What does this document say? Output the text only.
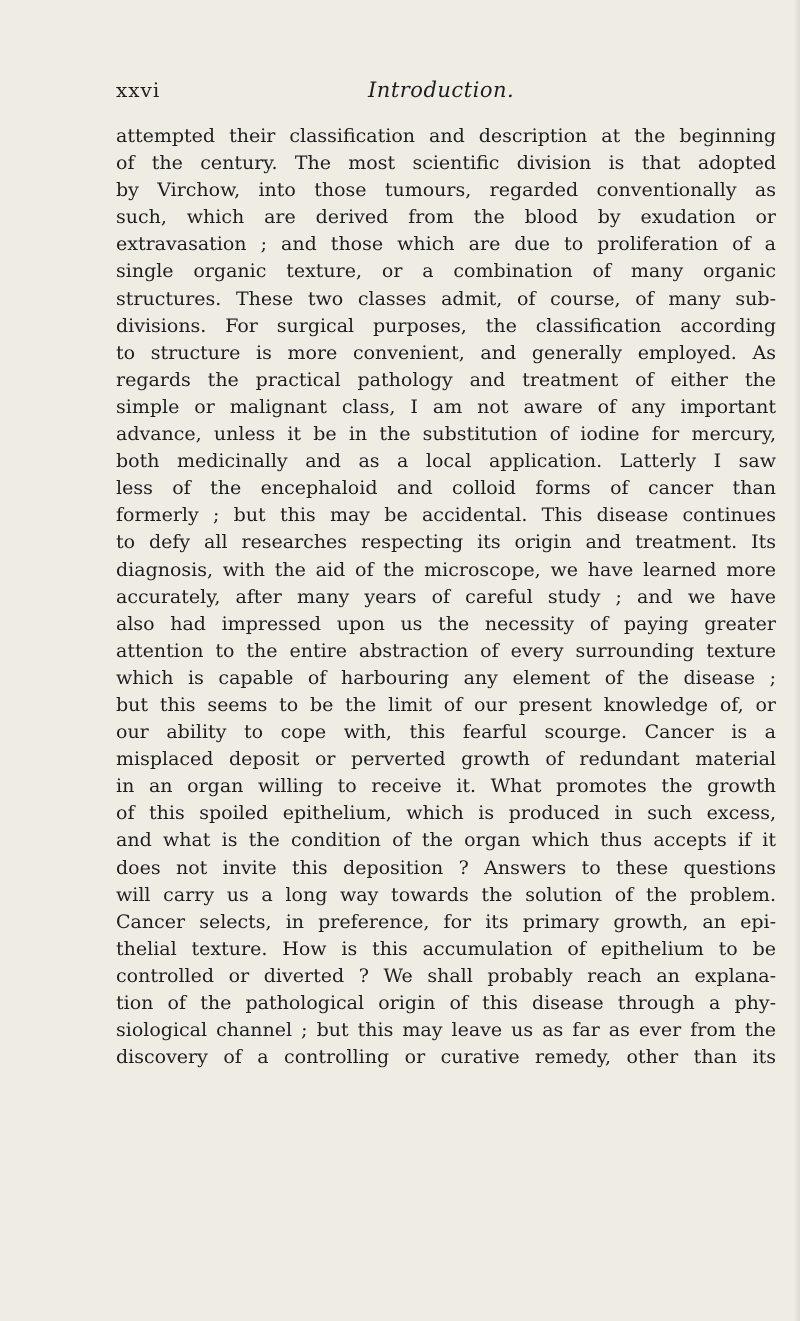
xxvi	Introduction.
attempted their classification and description at the beginning
of the century. The most scientific division is that adopted
by Virchow, into those tumours, regarded conventionally as
such, which are derived from the blood by exudation or
extravasation ; and those which are due to proliferation of a
single organic texture, or a combination of many organic
structures. These two classes admit, of course, of many sub-
divisions. For surgical purposes, the classification according
to structure is more convenient, and generally employed. As
regards the practical pathology and treatment of either the
simple or malignant class, I am not aware of any important
advance, unless it be in the substitution of iodine for mercury,
both medicinally and as a local application. Latterly I saw
less of the encephaloid and colloid forms of cancer than
formerly ; but this may be accidental. This disease continues
to defy all researches respecting its origin and treatment. Its
diagnosis, with the aid of the microscope, we have learned more
accurately, after many years of careful study ; and we have
also had impressed upon us the necessity of paying greater
attention to the entire abstraction of every surrounding texture
which is capable of harbouring any element of the disease ;
but this seems to be the limit of our present knowledge of, or
our ability to cope with, this fearful scourge. Cancer is a
misplaced deposit or perverted growth of redundant material
in an organ willing to receive it. What promotes the growth
of this spoiled epithelium, which is produced in such excess,
and what is the condition of the organ which thus accepts if it
does not invite this deposition ? Answers to these questions
will carry us a long way towards the solution of the problem.
Cancer selects, in preference, for its primary growth, an epi-
thelial texture. How is this accumulation of epithelium to be
controlled or diverted ? We shall probably reach an explana-
tion of the pathological origin of this disease through a phy-
siological channel ; but this may leave us as far as ever from the
discovery of a controlling or curative remedy, other than its
